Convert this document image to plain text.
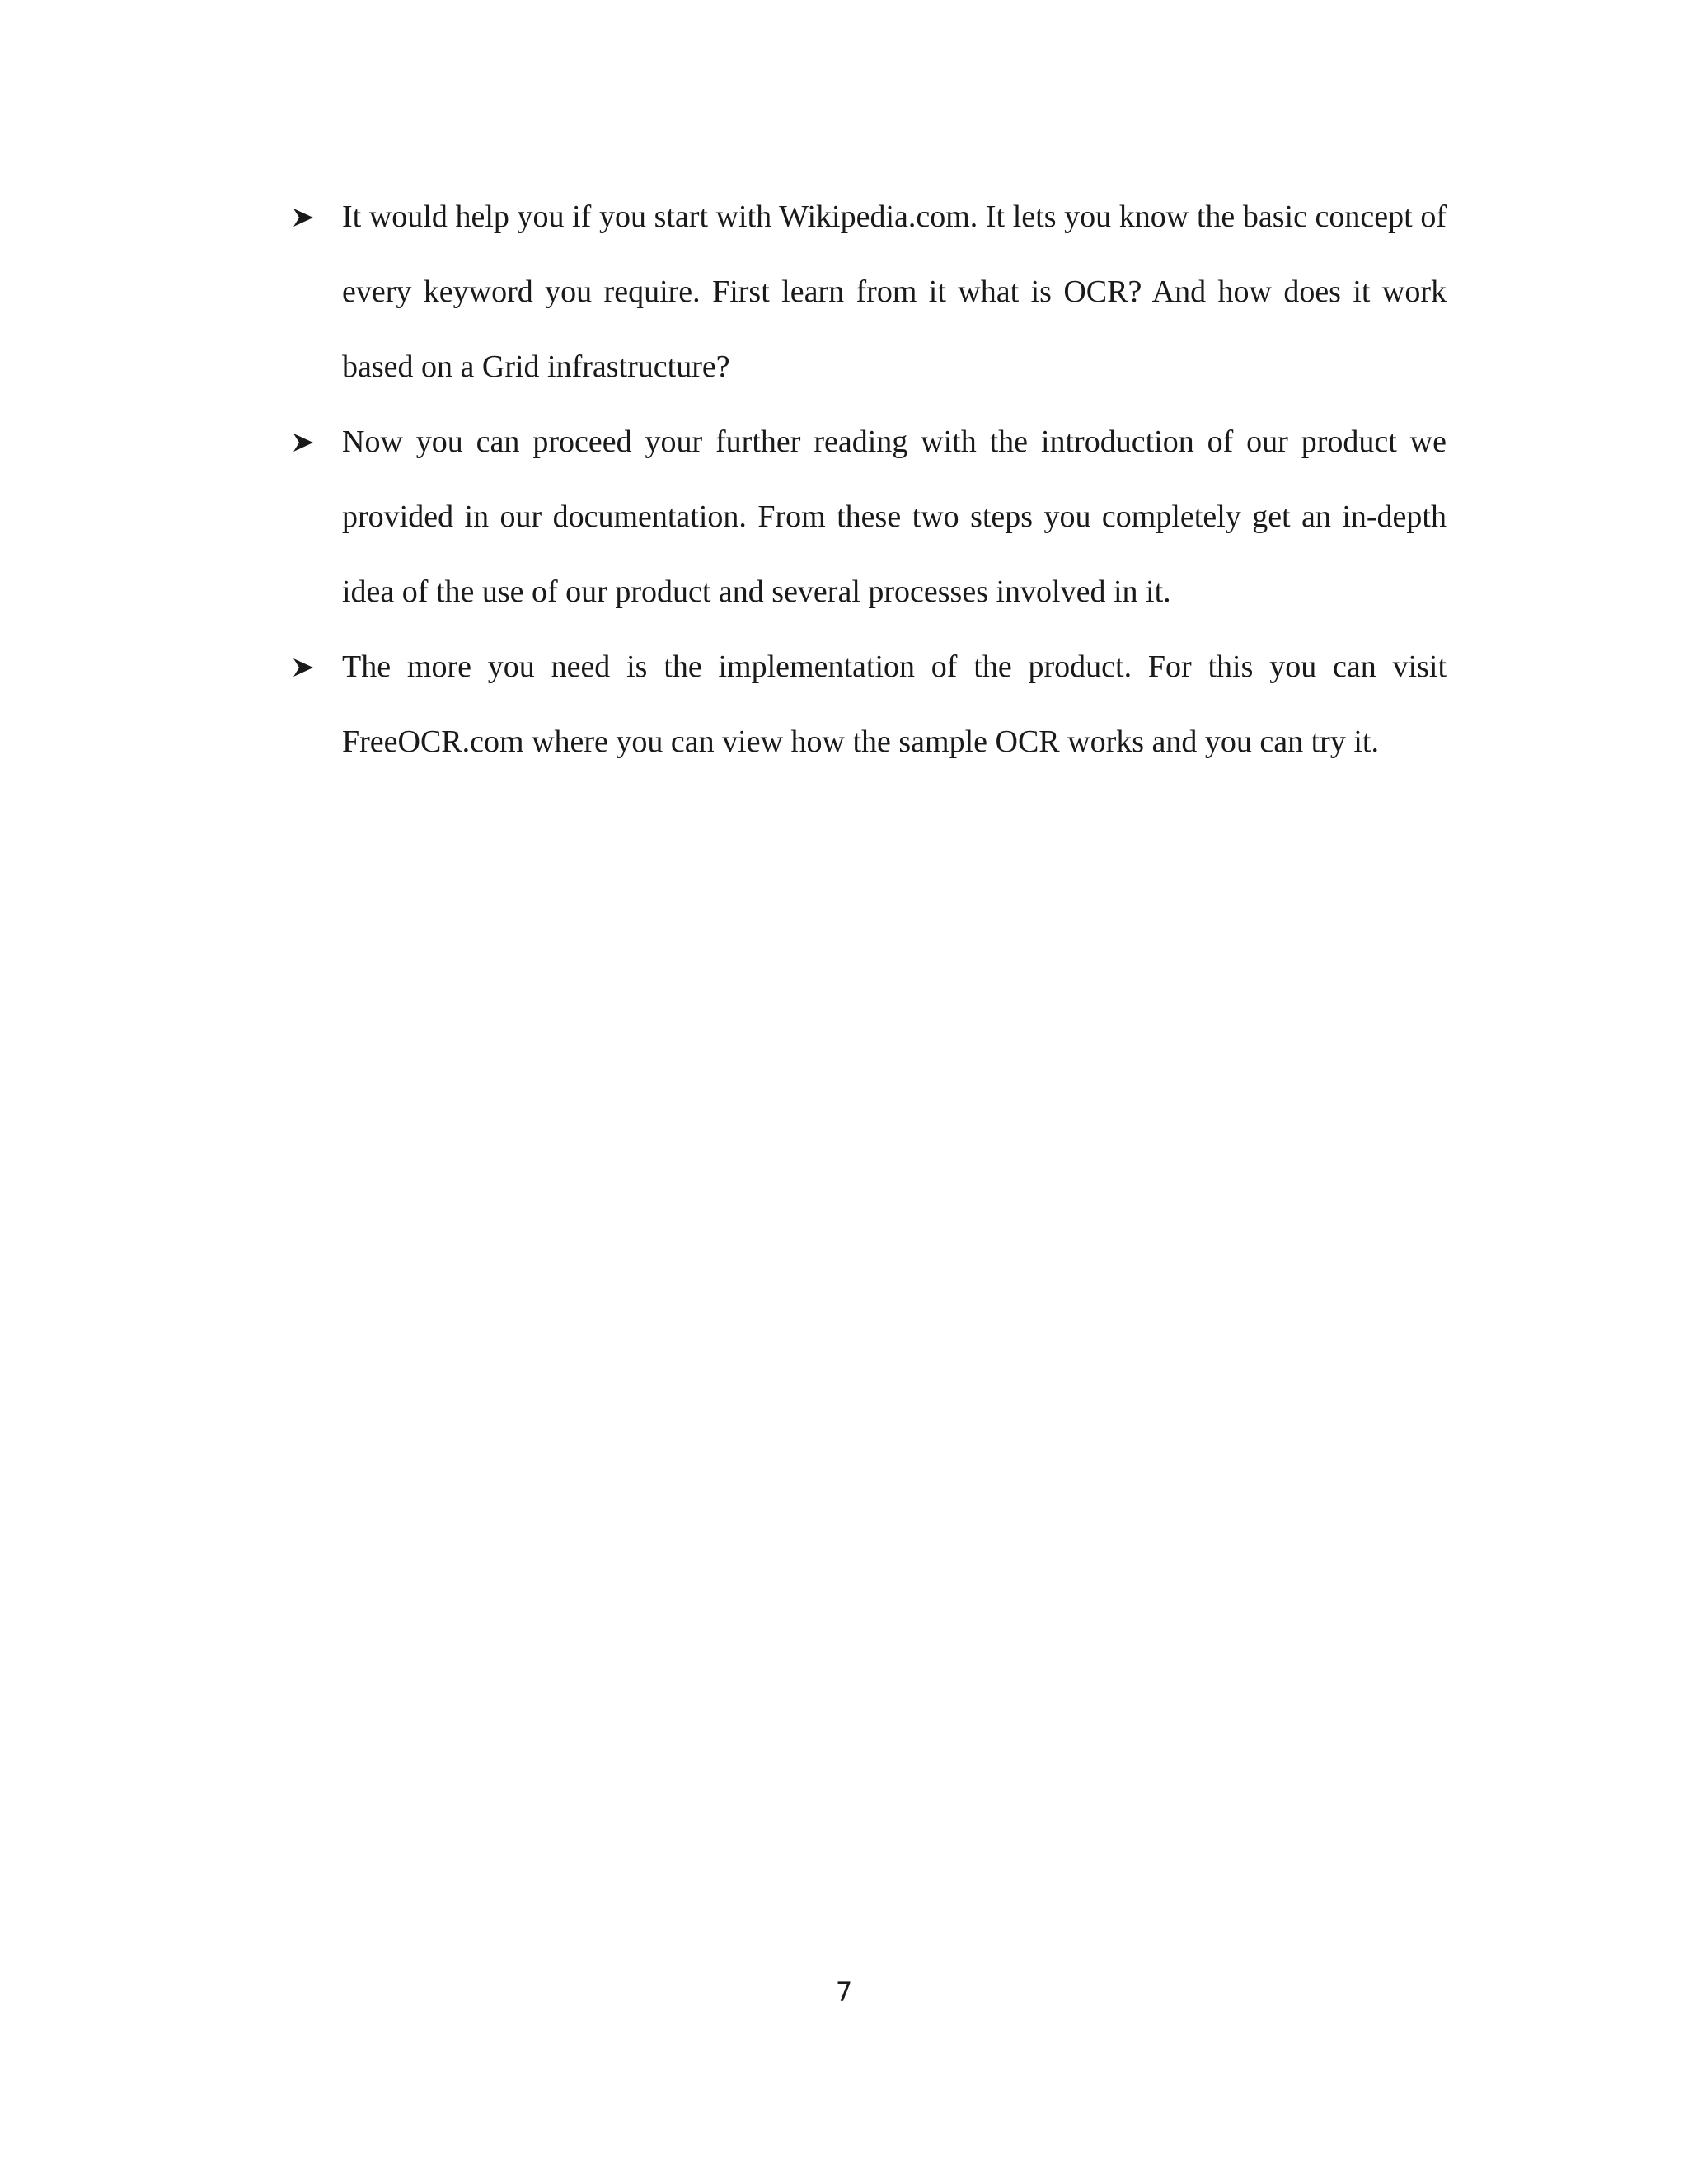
It would help you if you start with Wikipedia.com. It lets you know the basic concept of every keyword you require. First learn from it what is OCR? And how does it work based on a Grid infrastructure?
Now you can proceed your further reading with the introduction of our product we provided in our documentation. From these two steps you completely get an in-depth idea of the use of our product and several processes involved in it.
The more you need is the implementation of the product. For this you can visit FreeOCR.com where you can view how the sample OCR works and you can try it.
7
